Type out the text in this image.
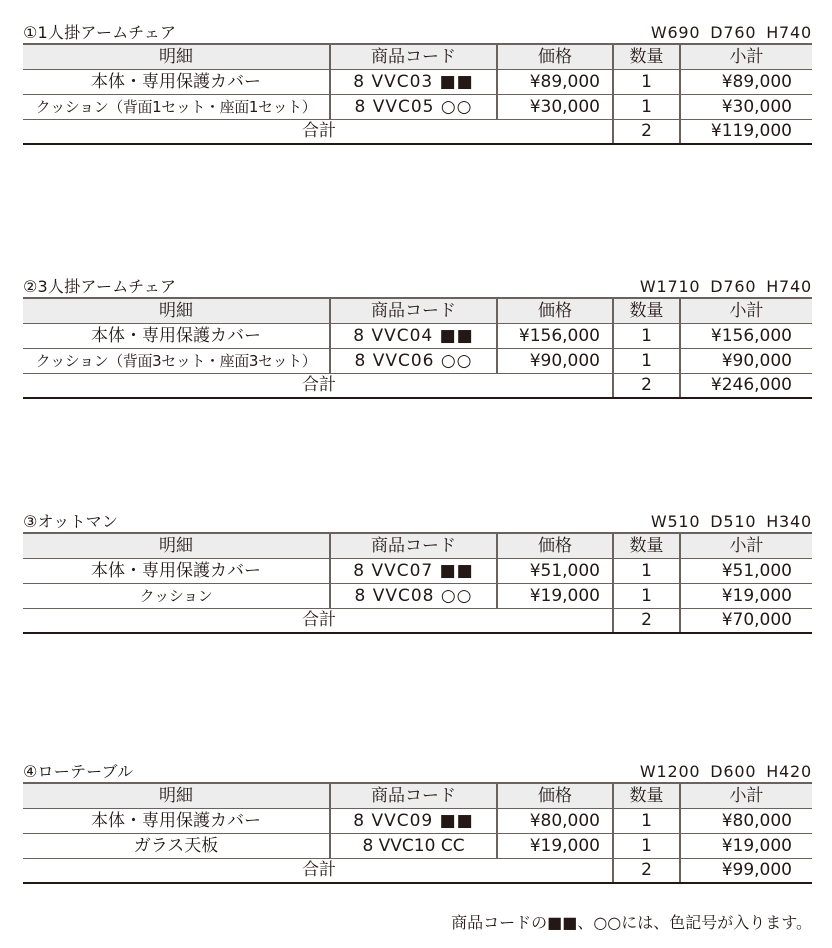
①1人掛アームチェア	W690 D760 H740
明細	商品コード	価格	数量	小計
本体・専用保護カバー	8 VVC03 ■■	¥89,000	1	¥89,000
クッション（背面1セット・座面1セット）	8 VVC05 ○○	¥30,000	1	¥30,000
合計			2	¥119,000
②3人掛アームチェア	W1710 D760 H740
明細	商品コード	価格	数量	小計
本体・専用保護カバー	8 VVC04 ■■	¥156,000	1	¥156,000
クッション（背面3セット・座面3セット）	8 VVC06 ○○	¥90,000	1	¥90,000
合計			2	¥246,000
③オットマン	W510 D510 H340
明細	商品コード	価格	数量	小計
本体・専用保護カバー	8 VVC07 ■■	¥51,000	1	¥51,000
クッション	8 VVC08 ○○	¥19,000	1	¥19,000
合計			2	¥70,000
④ローテーブル	W1200 D600 H420
明細	商品コード	価格	数量	小計
本体・専用保護カバー	8 VVC09 ■■	¥80,000	1	¥80,000
ガラス天板	8 VVC10 CC	¥19,000	1	¥19,000
合計			2	¥99,000
商品コードの■■、○○には、色記号が入ります。
